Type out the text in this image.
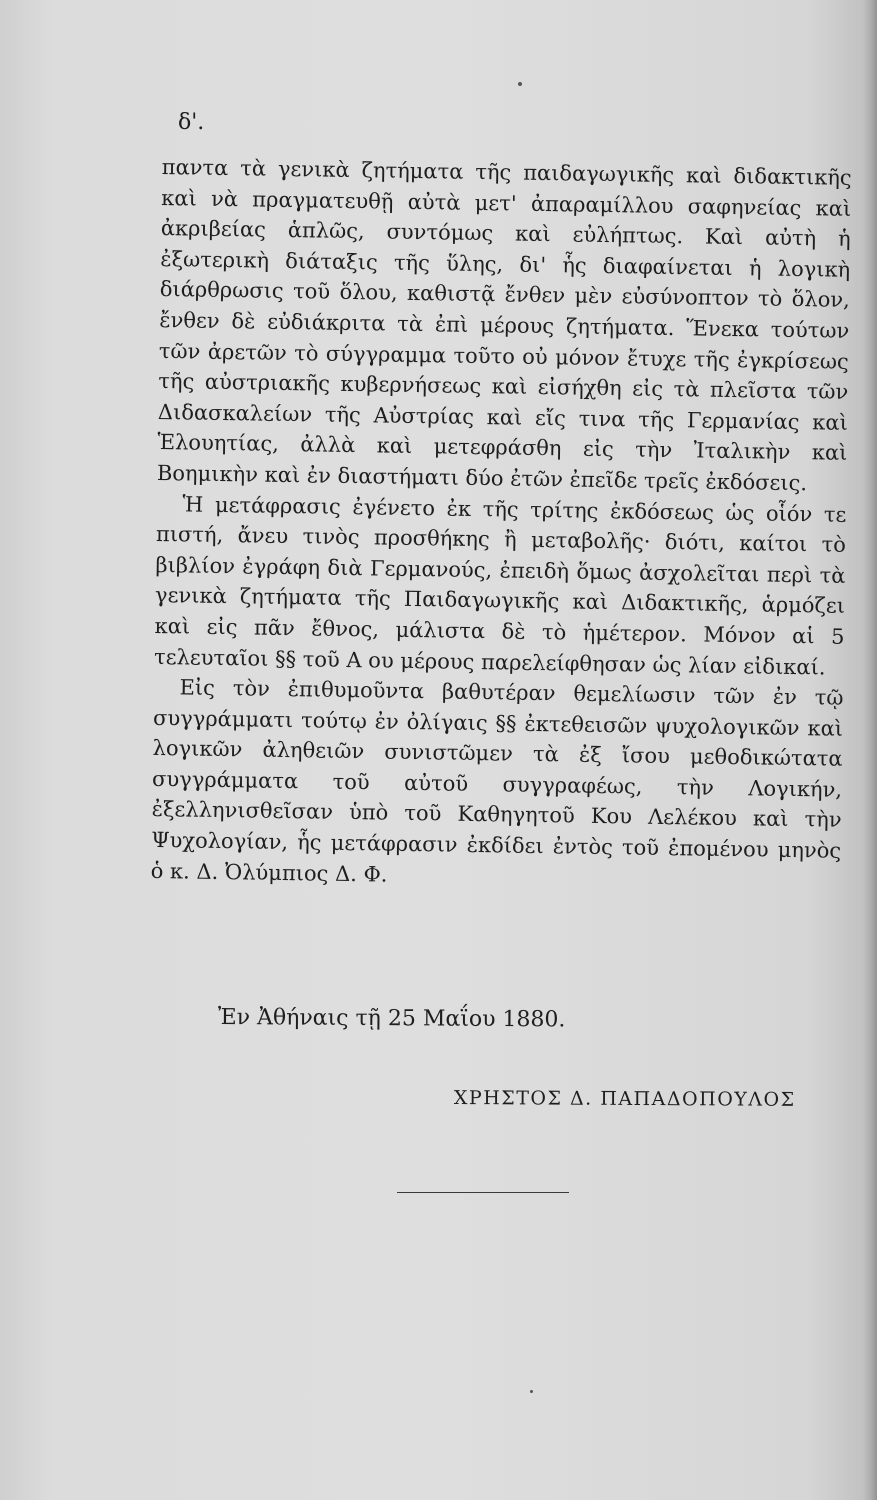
δ'.

παντα τὰ γενικὰ ζητήματα τῆς παιδαγωγικῆς καὶ διδακτικῆς καὶ νὰ πραγματευθῇ αὐτὰ μετ' ἀπαραμίλλου σαφηνείας καὶ ἀκριβείας ἁπλῶς, συντόμως καὶ εὐλήπτως. Καὶ αὐτὴ ἡ ἐξωτερικὴ διάταξις τῆς ὕλης, δι' ἧς διαφαίνεται ἡ λογικὴ διάρθρωσις τοῦ ὅλου, καθιστᾷ ἔνθεν μὲν εὐσύνοπτον τὸ ὅλον, ἔνθεν δὲ εὐδιάκριτα τὰ ἐπὶ μέρους ζητήματα. Ἕνεκα τούτων τῶν ἀρετῶν τὸ σύγγραμμα τοῦτο οὐ μόνον ἔτυχε τῆς ἐγκρίσεως τῆς αὐστριακῆς κυβερνήσεως καὶ εἰσήχθη εἰς τὰ πλεῖστα τῶν Διδασκαλείων τῆς Αὐστρίας καὶ εἴς τινα τῆς Γερμανίας καὶ Ἑλουητίας, ἀλλὰ καὶ μετεφράσθη εἰς τὴν Ἰταλικὴν καὶ Βοημικὴν καὶ ἐν διαστήματι δύο ἐτῶν ἐπεῖδε τρεῖς ἐκδόσεις.

Ἡ μετάφρασις ἐγένετο ἐκ τῆς τρίτης ἐκδόσεως ὡς οἷόν τε πιστή, ἄνευ τινὸς προσθήκης ἢ μεταβολῆς· διότι, καίτοι τὸ βιβλίον ἐγράφη διὰ Γερμανούς, ἐπειδὴ ὅμως ἀσχολεῖται περὶ τὰ γενικὰ ζητήματα τῆς Παιδαγωγικῆς καὶ Διδακτικῆς, ἁρμόζει καὶ εἰς πᾶν ἔθνος, μάλιστα δὲ τὸ ἡμέτερον. Μόνον αἱ 5 τελευταῖοι §§ τοῦ Α ου μέρους παρελείφθησαν ὡς λίαν εἰδικαί.

Εἰς τὸν ἐπιθυμοῦντα βαθυτέραν θεμελίωσιν τῶν ἐν τῷ συγγράμματι τούτῳ ἐν ὀλίγαις §§ ἐκτεθεισῶν ψυχολογικῶν καὶ λογικῶν ἀληθειῶν συνιστῶμεν τὰ ἐξ ἴσου μεθοδικώτατα συγγράμματα τοῦ αὐτοῦ συγγραφέως, τὴν Λογικήν, ἐξελληνισθεῖσαν ὑπὸ τοῦ Καθηγητοῦ Κου Λελέκου καὶ τὴν Ψυχολογίαν, ἧς μετάφρασιν ἐκδίδει ἐντὸς τοῦ ἐπομένου μηνὸς ὁ κ. Δ. Ὀλύμπιος Δ. Φ.

Ἐν Ἀθήναις τῇ 25 Μαΐου 1880.
ΧΡΗΣΤΟΣ Δ. ΠΑΠΑΔΟΠΟΥΛΟΣ
